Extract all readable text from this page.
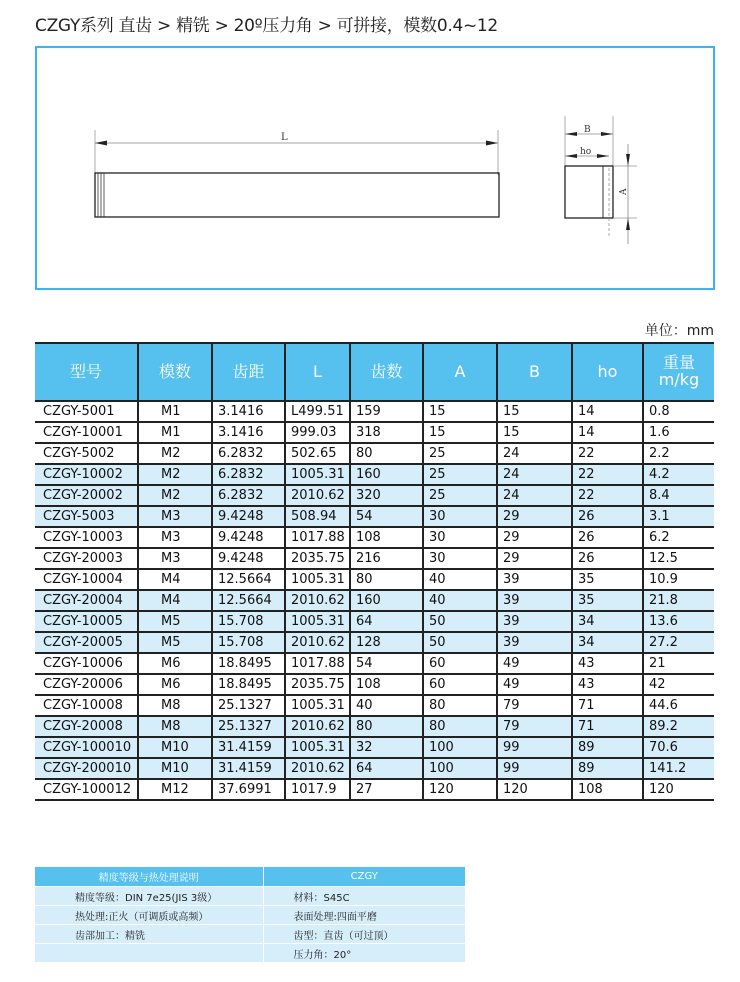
CZGY系列 直齿 > 精铣 > 20º压力角 > 可拼接，模数0.4~12
L
B
ho
A
单位：mm
型号	模数	齿距	L	齿数	A	B	ho	重量
m/kg

CZGY-5001	M1	3.1416	L499.51	159	15	15	14	0.8
CZGY-10001	M1	3.1416	999.03	318	15	15	14	1.6
CZGY-5002	M2	6.2832	502.65	80	25	24	22	2.2
CZGY-10002	M2	6.2832	1005.31	160	25	24	22	4.2
CZGY-20002	M2	6.2832	2010.62	320	25	24	22	8.4
CZGY-5003	M3	9.4248	508.94	54	30	29	26	3.1
CZGY-10003	M3	9.4248	1017.88	108	30	29	26	6.2
CZGY-20003	M3	9.4248	2035.75	216	30	29	26	12.5
CZGY-10004	M4	12.5664	1005.31	80	40	39	35	10.9
CZGY-20004	M4	12.5664	2010.62	160	40	39	35	21.8
CZGY-10005	M5	15.708	1005.31	64	50	39	34	13.6
CZGY-20005	M5	15.708	2010.62	128	50	39	34	27.2
CZGY-10006	M6	18.8495	1017.88	54	60	49	43	21
CZGY-20006	M6	18.8495	2035.75	108	60	49	43	42
CZGY-10008	M8	25.1327	1005.31	40	80	79	71	44.6
CZGY-20008	M8	25.1327	2010.62	80	80	79	71	89.2
CZGY-100010	M10	31.4159	1005.31	32	100	99	89	70.6
CZGY-200010	M10	31.4159	2010.62	64	100	99	89	141.2
CZGY-100012	M12	37.6991	1017.9	27	120	120	108	120
精度等级与热处理说明	CZGY
精度等级：DIN 7e25(JIS 3级）	材料：S45C
热处理:正火（可调质或高频）	表面处理:四面平磨
齿部加工：精铣	齿型：直齿（可过顶）
	压力角：20°
